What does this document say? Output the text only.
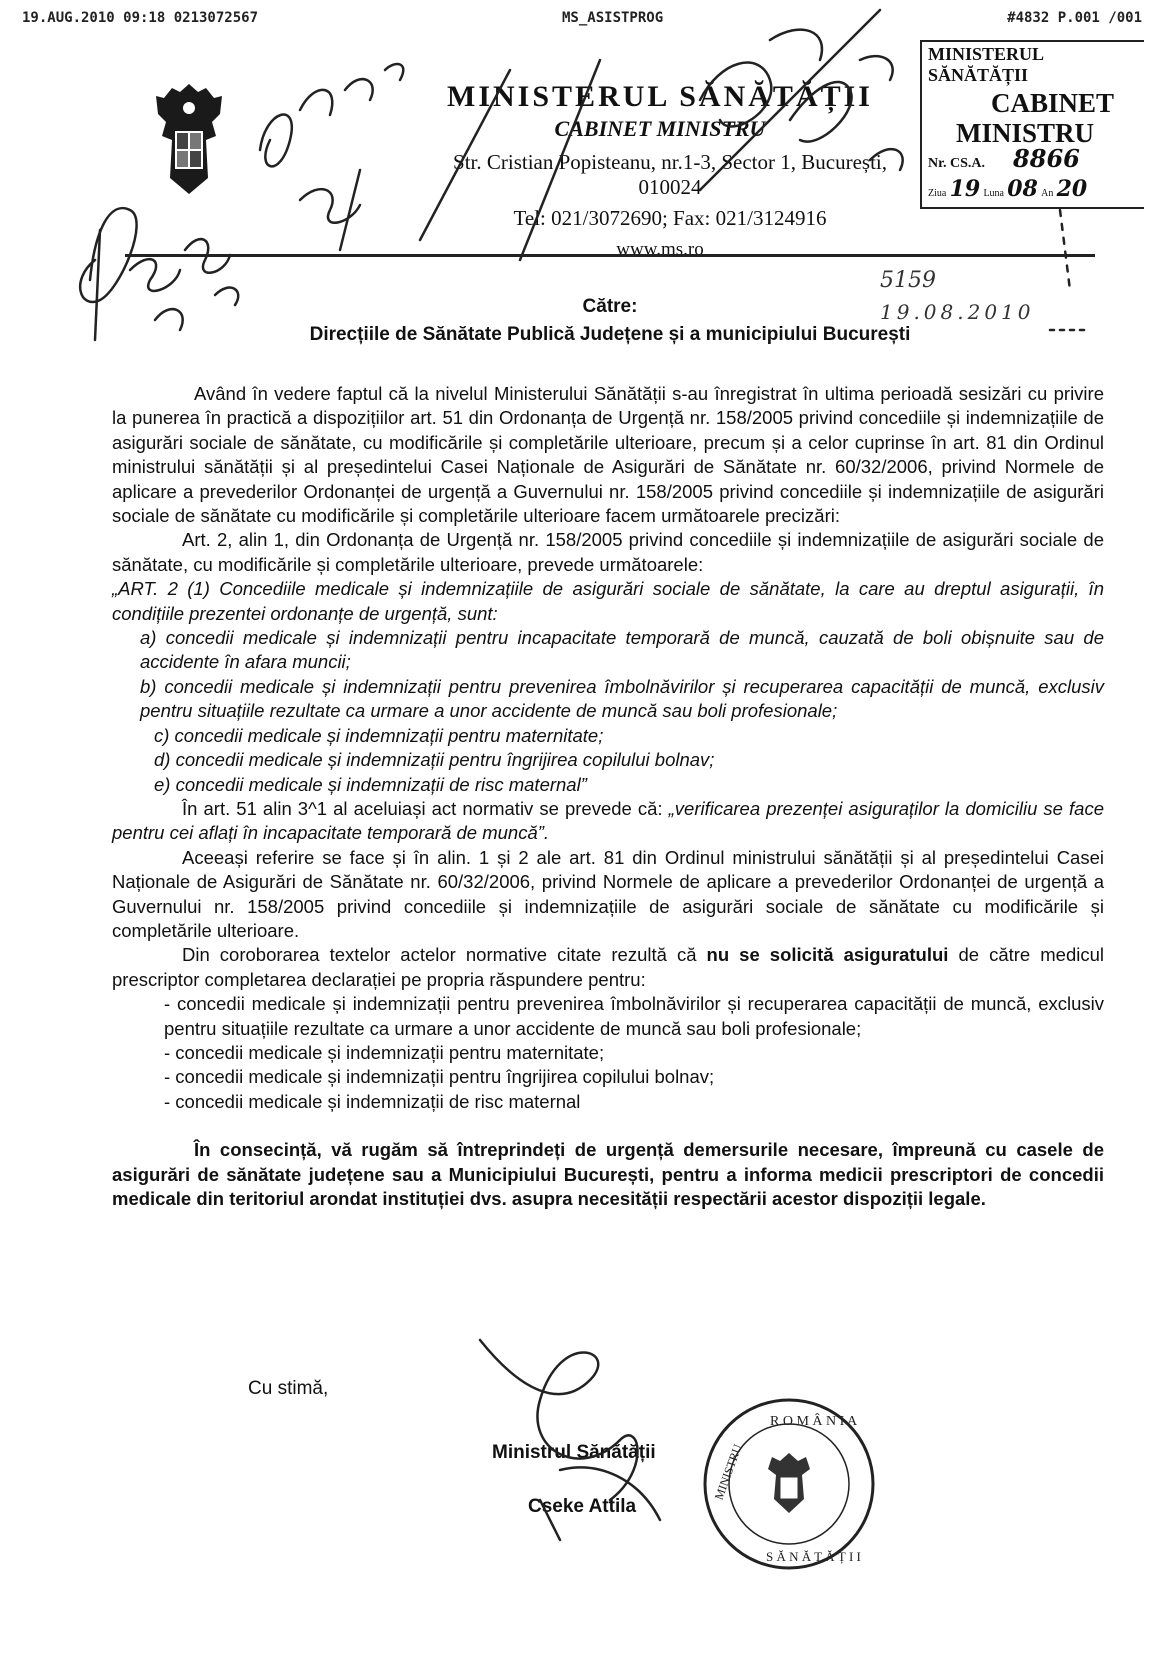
19.AUG.2010 09:18 0213072567	MS_ASISTPROG	#4832 P.001 /001
MINISTERUL SĂNĂTĂȚII
CABINET MINISTRU
Str. Cristian Popisteanu, nr.1-3, Sector 1, București, 010024
Tel: 021/3072690; Fax: 021/3124916
www.ms.ro
MINISTERUL SĂNĂTĂȚII
CABINET
MINISTRU
Nr. CS.A. 8866
Ziua 19 Luna 08 An 20
5159
19.08.2010
Către:
Direcțiile de Sănătate Publică Județene și a municipiului București

Având în vedere faptul că la nivelul Ministerului Sănătății s-au înregistrat în ultima perioadă sesizări cu privire la punerea în practică a dispozițiilor art. 51 din Ordonanța de Urgență nr. 158/2005 privind concediile și indemnizațiile de asigurări sociale de sănătate, cu modificările și completările ulterioare, precum și a celor cuprinse în art. 81 din Ordinul ministrului sănătății și al președintelui Casei Naționale de Asigurări de Sănătate nr. 60/32/2006, privind Normele de aplicare a prevederilor Ordonanței de urgență a Guvernului nr. 158/2005 privind concediile și indemnizațiile de asigurări sociale de sănătate cu modificările și completările ulterioare facem următoarele precizări:

Art. 2, alin 1, din Ordonanța de Urgență nr. 158/2005 privind concediile și indemnizațiile de asigurări sociale de sănătate, cu modificările și completările ulterioare, prevede următoarele:

„ART. 2 (1) Concediile medicale și indemnizațiile de asigurări sociale de sănătate, la care au dreptul asigurații, în condițiile prezentei ordonanțe de urgență, sunt:

a) concedii medicale și indemnizații pentru incapacitate temporară de muncă, cauzată de boli obișnuite sau de accidente în afara muncii;

b) concedii medicale și indemnizații pentru prevenirea îmbolnăvirilor și recuperarea capacității de muncă, exclusiv pentru situațiile rezultate ca urmare a unor accidente de muncă sau boli profesionale;

c) concedii medicale și indemnizații pentru maternitate;

d) concedii medicale și indemnizații pentru îngrijirea copilului bolnav;

e) concedii medicale și indemnizații de risc maternal”

În art. 51 alin 3^1 al aceluiași act normativ se prevede că: „verificarea prezenței asiguraților la domiciliu se face pentru cei aflați în incapacitate temporară de muncă”.

Aceeași referire se face și în alin. 1 și 2 ale art. 81 din Ordinul ministrului sănătății și al președintelui Casei Naționale de Asigurări de Sănătate nr. 60/32/2006, privind Normele de aplicare a prevederilor Ordonanței de urgență a Guvernului nr. 158/2005 privind concediile și indemnizațiile de asigurări sociale de sănătate cu modificările și completările ulterioare.

Din coroborarea textelor actelor normative citate rezultă că nu se solicită asiguratului de către medicul prescriptor completarea declarației pe propria răspundere pentru:

- concedii medicale și indemnizații pentru prevenirea îmbolnăvirilor și recuperarea capacității de muncă, exclusiv pentru situațiile rezultate ca urmare a unor accidente de muncă sau boli profesionale;

- concedii medicale și indemnizații pentru maternitate;

- concedii medicale și indemnizații pentru îngrijirea copilului bolnav;

- concedii medicale și indemnizații de risc maternal

În consecință, vă rugăm să întreprindeți de urgență demersurile necesare, împreună cu casele de asigurări de sănătate județene sau a Municipiului București, pentru a informa medicii prescriptori de concedii medicale din teritoriul arondat instituției dvs. asupra necesității respectării acestor dispoziții legale.

Cu stimă,
Ministrul Sănătății
Cseke Attila
R O M Â N I A
MINISTRU
S Ă N Ă T Ă Ț I I
